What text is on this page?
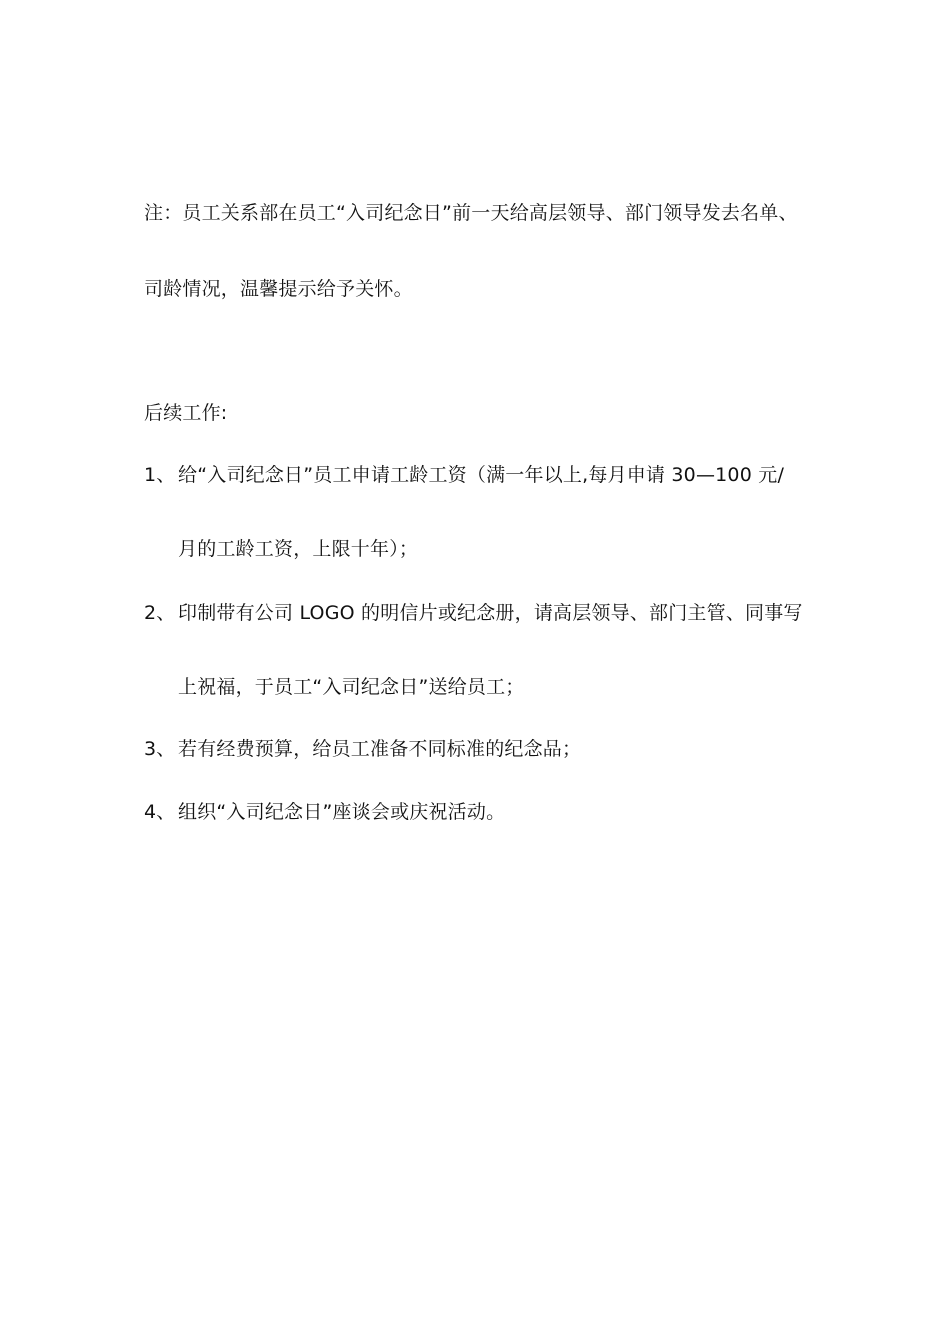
注：员工关系部在员工“入司纪念日”前一天给高层领导、部门领导发去名单、
司龄情况，温馨提示给予关怀。
后续工作:
1、 给“入司纪念日”员工申请工龄工资（满一年以上,每月申请 30—100 元/
月的工龄工资，上限十年）；
2、 印制带有公司 LOGO 的明信片或纪念册，请高层领导、部门主管、同事写
上祝福，于员工“入司纪念日”送给员工；
3、 若有经费预算，给员工准备不同标准的纪念品；
4、 组织“入司纪念日”座谈会或庆祝活动。
